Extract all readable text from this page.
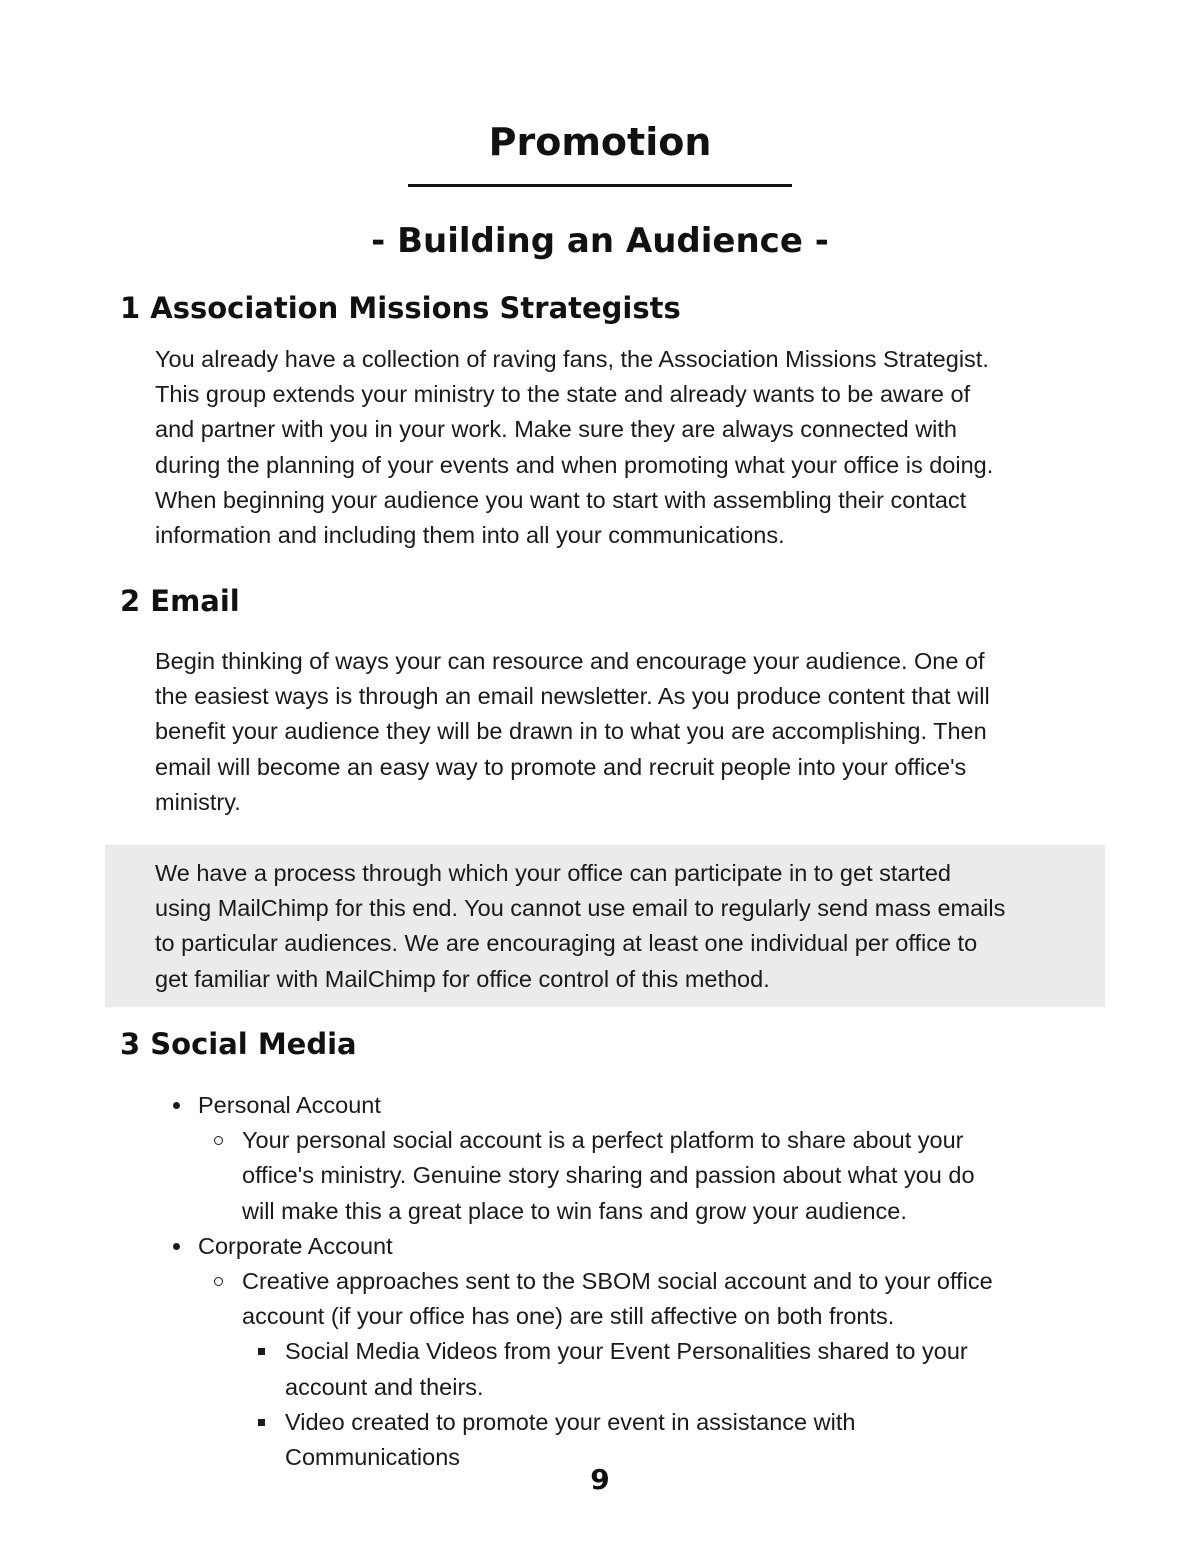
Promotion
- Building an Audience -
1 Association Missions Strategists

You already have a collection of raving fans, the Association Missions Strategist.
This group extends your ministry to the state and already wants to be aware of
and partner with you in your work. Make sure they are always connected with
during the planning of your events and when promoting what your office is doing.
When beginning your audience you want to start with assembling their contact
information and including them into all your communications.

2 Email

Begin thinking of ways your can resource and encourage your audience. One of
the easiest ways is through an email newsletter. As you produce content that will
benefit your audience they will be drawn in to what you are accomplishing. Then
email will become an easy way to promote and recruit people into your office's
ministry.

We have a process through which your office can participate in to get started
using MailChimp for this end. You cannot use email to regularly send mass emails
to particular audiences. We are encouraging at least one individual per office to
get familiar with MailChimp for office control of this method.

3 Social Media
Personal Account
Your personal social account is a perfect platform to share about your
office's ministry. Genuine story sharing and passion about what you do
will make this a great place to win fans and grow your audience.
Corporate Account
Creative approaches sent to the SBOM social account and to your office
account (if your office has one) are still affective on both fronts.
Social Media Videos from your Event Personalities shared to your
account and theirs.
Video created to promote your event in assistance with
Communications
9
